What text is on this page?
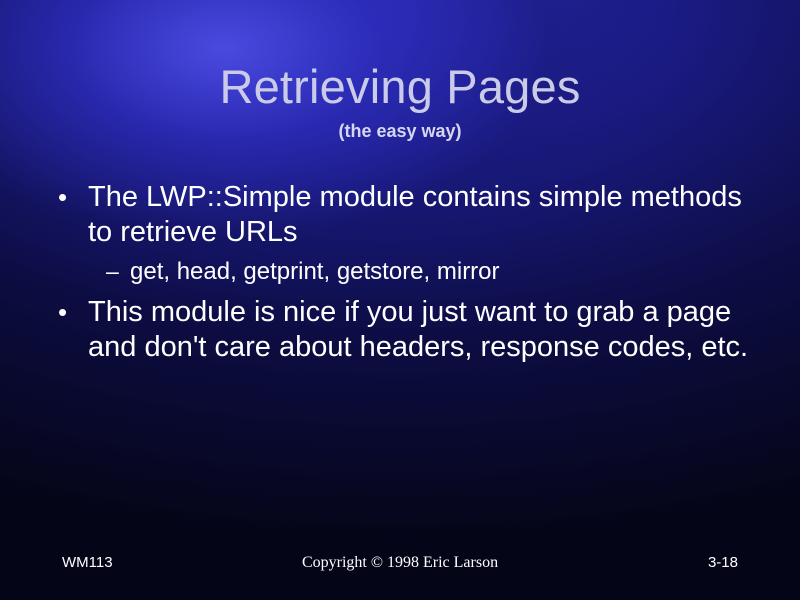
Retrieving Pages
(the easy way)
• The LWP::Simple module contains simple methods to retrieve URLs
– get, head, getprint, getstore, mirror
• This module is nice if you just want to grab a page and don't care about headers, response codes, etc.
WM113	Copyright © 1998 Eric Larson	3-18
